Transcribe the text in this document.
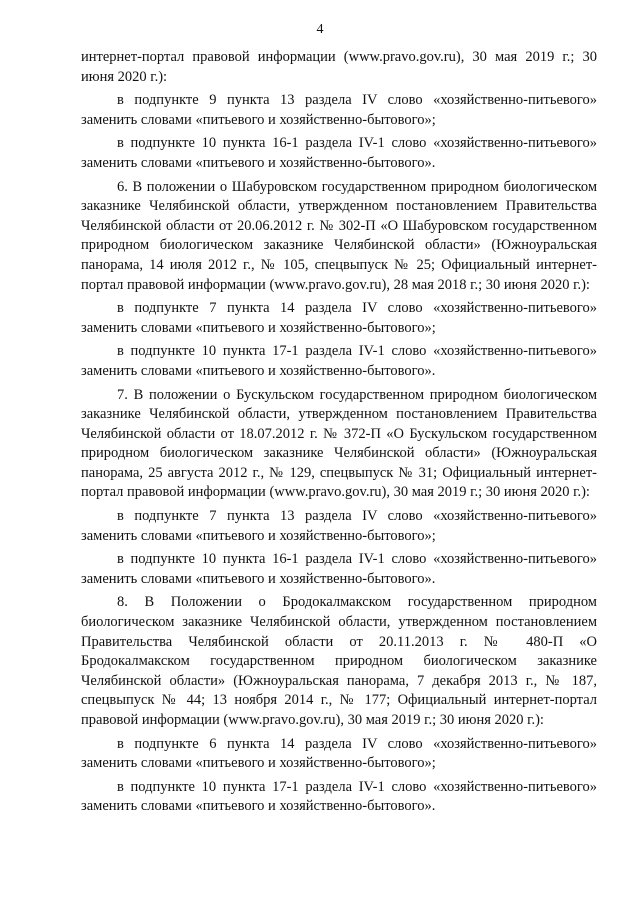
4

интернет-портал правовой информации (www.pravo.gov.ru), 30 мая 2019 г.; 30 июня 2020 г.):

в подпункте 9 пункта 13 раздела IV слово «хозяйственно-питьевого» заменить словами «питьевого и хозяйственно-бытового»;

в подпункте 10 пункта 16-1 раздела IV-1 слово «хозяйственно-питьевого» заменить словами «питьевого и хозяйственно-бытового».

6. В положении о Шабуровском государственном природном биологическом заказнике Челябинской области, утвержденном постановлением Правительства Челябинской области от 20.06.2012 г. № 302-П «О Шабуровском государственном природном биологическом заказнике Челябинской области» (Южноуральская панорама, 14 июля 2012 г., № 105, спецвыпуск № 25; Официальный интернет-портал правовой информации (www.pravo.gov.ru), 28 мая 2018 г.; 30 июня 2020 г.):

в подпункте 7 пункта 14 раздела IV слово «хозяйственно-питьевого» заменить словами «питьевого и хозяйственно-бытового»;

в подпункте 10 пункта 17-1 раздела IV-1 слово «хозяйственно-питьевого» заменить словами «питьевого и хозяйственно-бытового».

7. В положении о Бускульском государственном природном биологическом заказнике Челябинской области, утвержденном постановлением Правительства Челябинской области от 18.07.2012 г. № 372-П «О Бускульском государственном природном биологическом заказнике Челябинской области» (Южноуральская панорама, 25 августа 2012 г., № 129, спецвыпуск № 31; Официальный интернет-портал правовой информации (www.pravo.gov.ru), 30 мая 2019 г.; 30 июня 2020 г.):

в подпункте 7 пункта 13 раздела IV слово «хозяйственно-питьевого» заменить словами «питьевого и хозяйственно-бытового»;

в подпункте 10 пункта 16-1 раздела IV-1 слово «хозяйственно-питьевого» заменить словами «питьевого и хозяйственно-бытового».

8. В Положении о Бродокалмакском государственном природном биологическом заказнике Челябинской области, утвержденном постановлением Правительства Челябинской области от 20.11.2013 г. № 480-П «О Бродокалмакском государственном природном биологическом заказнике Челябинской области» (Южноуральская панорама, 7 декабря 2013 г., № 187, спецвыпуск № 44; 13 ноября 2014 г., № 177; Официальный интернет-портал правовой информации (www.pravo.gov.ru), 30 мая 2019 г.; 30 июня 2020 г.):

в подпункте 6 пункта 14 раздела IV слово «хозяйственно-питьевого» заменить словами «питьевого и хозяйственно-бытового»;

в подпункте 10 пункта 17-1 раздела IV-1 слово «хозяйственно-питьевого» заменить словами «питьевого и хозяйственно-бытового».
